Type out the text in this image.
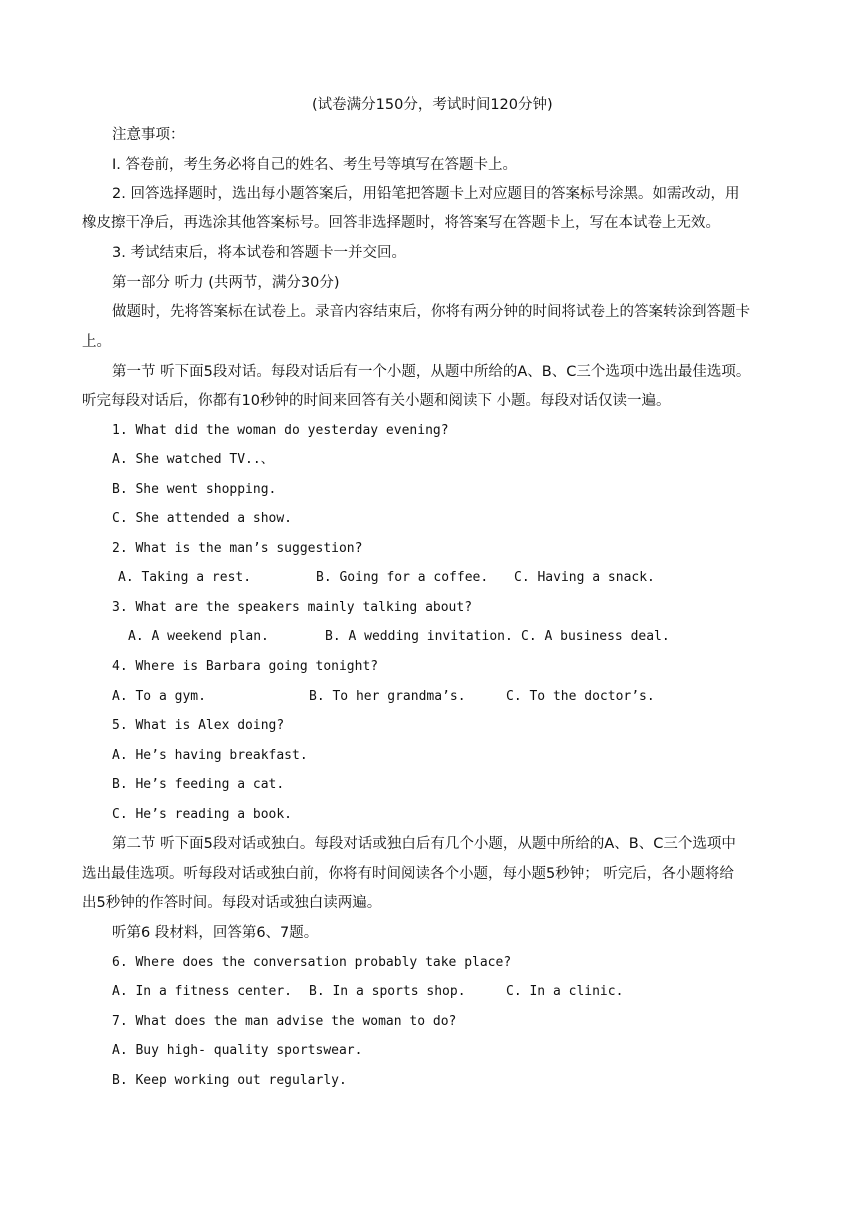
(试卷满分150分，考试时间120分钟)
注意事项：
Ⅰ. 答卷前，考生务必将自己的姓名、考生号等填写在答题卡上。
2. 回答选择题时，选出每小题答案后，用铅笔把答题卡上对应题目的答案标号涂黑。如需改动，用
橡皮擦干净后，再选涂其他答案标号。回答非选择题时，将答案写在答题卡上，写在本试卷上无效。
3. 考试结束后，将本试卷和答题卡一并交回。
第一部分 听力 (共两节，满分30分)
做题时，先将答案标在试卷上。录音内容结束后，你将有两分钟的时间将试卷上的答案转涂到答题卡
上。
第一节 听下面5段对话。每段对话后有一个小题，从题中所给的A、B、C三个选项中选出最佳选项。
听完每段对话后，你都有10秒钟的时间来回答有关小题和阅读下 小题。每段对话仅读一遍。
1. What did the woman do yesterday evening?
A. She watched TV..、
B. She went shopping.
C. She attended a show.
2. What is the man’s suggestion?
A. Taking a rest.	B. Going for a coffee. C. Having a snack.
3. What are the speakers mainly talking about?
A. A weekend plan.	B. A wedding invitation. C. A business deal.
4. Where is Barbara going tonight?
A. To a gym.	B. To her grandma’s.	C. To the doctor’s.
5. What is Alex doing?
A. He’s having breakfast.
B. He’s feeding a cat.
C. He’s reading a book.
第二节 听下面5段对话或独白。每段对话或独白后有几个小题，从题中所给的A、B、C三个选项中
选出最佳选项。听每段对话或独白前，你将有时间阅读各个小题，每小题5秒钟； 听完后，各小题将给
出5秒钟的作答时间。每段对话或独白读两遍。
听第6 段材料，回答第6、7题。
6. Where does the conversation probably take place?
A. In a fitness center. B. In a sports shop.	C. In a clinic.
7. What does the man advise the woman to do?
A. Buy high- quality sportswear.
B. Keep working out regularly.
